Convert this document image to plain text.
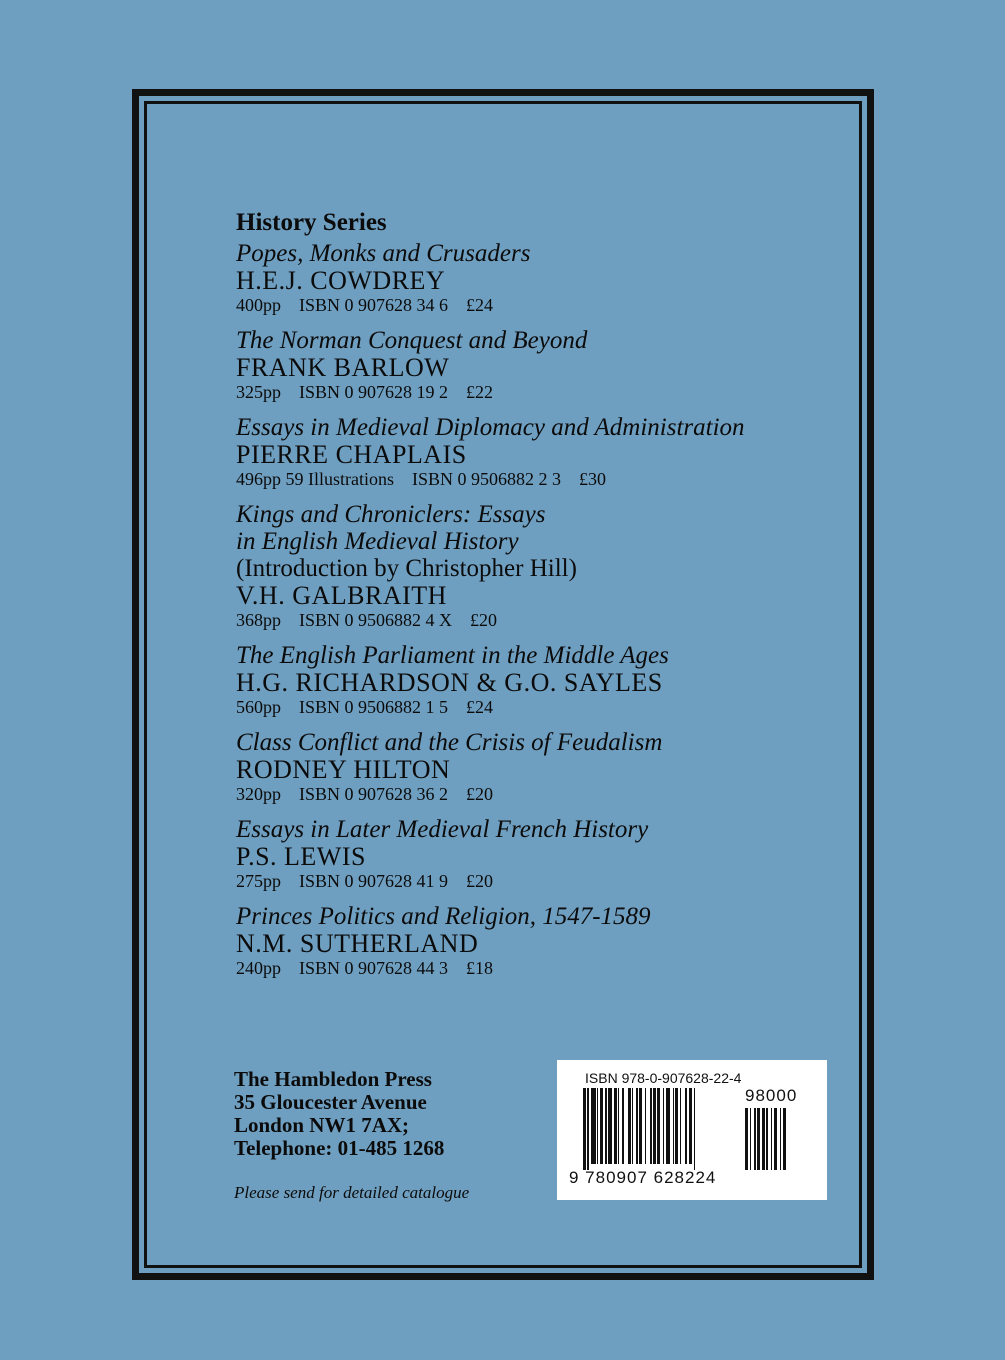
History Series
Popes, Monks and Crusaders
H.E.J. COWDREY
400pp    ISBN 0 907628 34 6    £24
The Norman Conquest and Beyond
FRANK BARLOW
325pp    ISBN 0 907628 19 2    £22
Essays in Medieval Diplomacy and Administration
PIERRE CHAPLAIS
496pp 59 Illustrations    ISBN 0 9506882 2 3    £30
Kings and Chroniclers: Essays
in English Medieval History
(Introduction by Christopher Hill)
V.H. GALBRAITH
368pp    ISBN 0 9506882 4 X    £20
The English Parliament in the Middle Ages
H.G. RICHARDSON & G.O. SAYLES
560pp    ISBN 0 9506882 1 5    £24
Class Conflict and the Crisis of Feudalism
RODNEY HILTON
320pp    ISBN 0 907628 36 2    £20
Essays in Later Medieval French History
P.S. LEWIS
275pp    ISBN 0 907628 41 9    £20
Princes Politics and Religion, 1547-1589
N.M. SUTHERLAND
240pp    ISBN 0 907628 44 3    £18
The Hambledon Press
35 Gloucester Avenue
London NW1 7AX;
Telephone: 01-485 1268
Please send for detailed catalogue
ISBN 978-0-907628-22-4
98000
9 780907 628224
